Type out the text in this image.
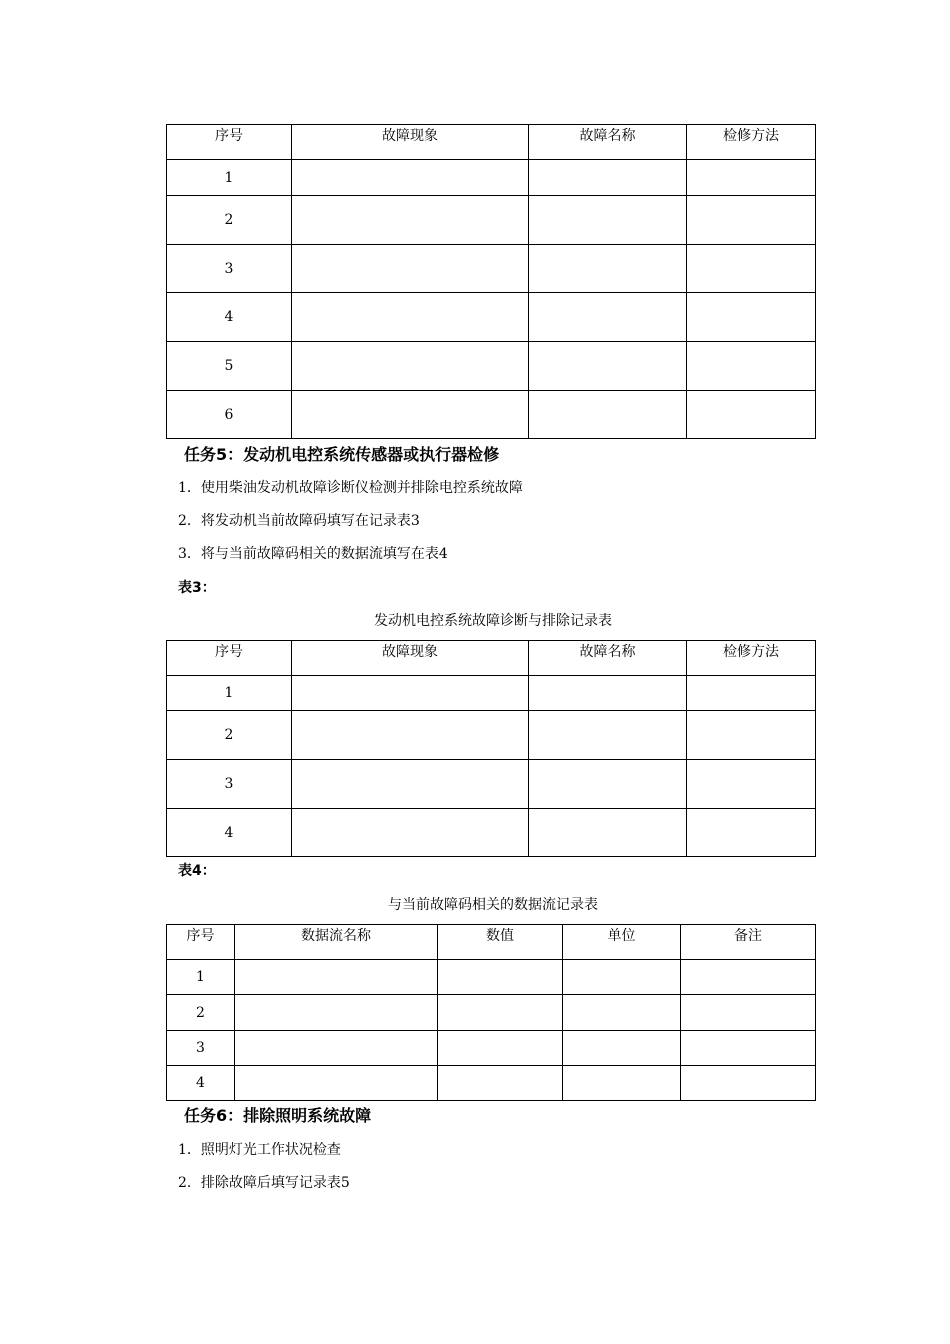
序号	故障现象	故障名称	检修方法
1			
2			
3			
4			
5			
6			
任务5：发动机电控系统传感器或执行器检修
1．使用柴油发动机故障诊断仪检测并排除电控系统故障
2．将发动机当前故障码填写在记录表3
3．将与当前故障码相关的数据流填写在表4
表3：
发动机电控系统故障诊断与排除记录表
序号	故障现象	故障名称	检修方法
1			
2			
3			
4			
表4：
与当前故障码相关的数据流记录表
序号	数据流名称	数值	单位	备注
1				
2				
3				
4				
任务6：排除照明系统故障
1．照明灯光工作状况检查
2．排除故障后填写记录表5
